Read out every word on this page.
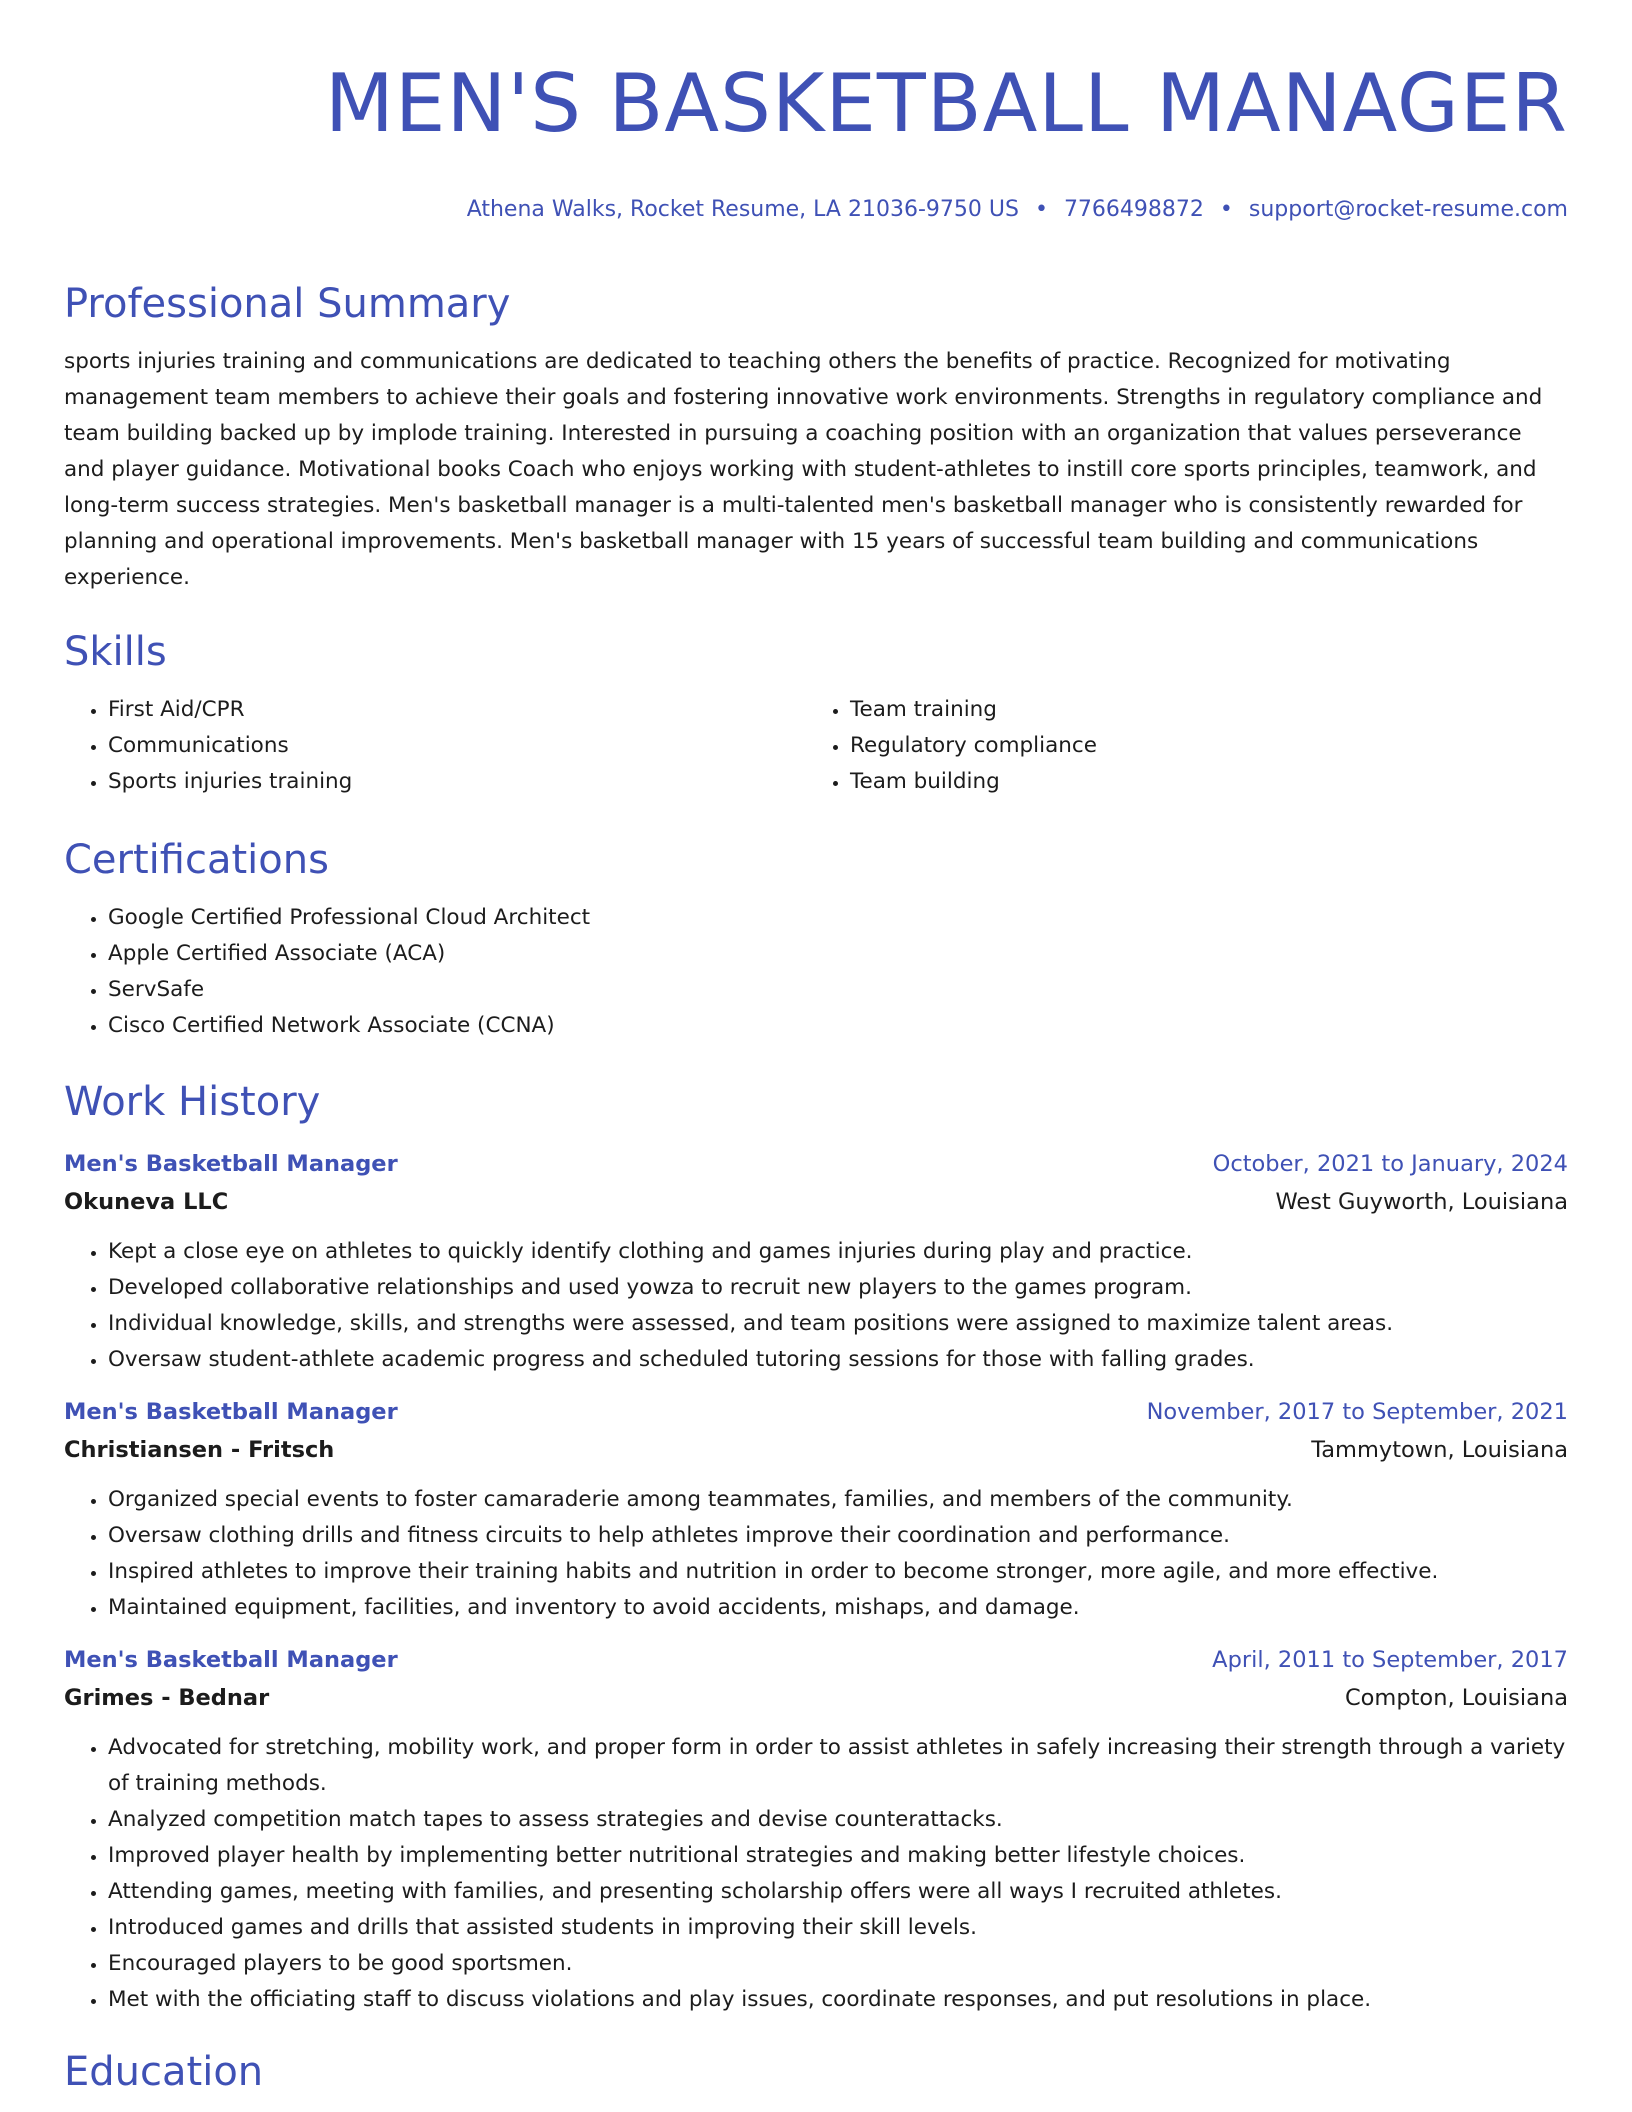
MEN'S BASKETBALL MANAGER
Athena Walks, Rocket Resume, LA 21036-9750 US • 7766498872 • support@rocket-resume.com
Professional Summary

sports injuries training and communications are dedicated to teaching others the benefits of practice. Recognized for motivating management team members to achieve their goals and fostering innovative work environments. Strengths in regulatory compliance and team building backed up by implode training. Interested in pursuing a coaching position with an organization that values perseverance and player guidance. Motivational books Coach who enjoys working with student-athletes to instill core sports principles, teamwork, and long-term success strategies. Men's basketball manager is a multi-talented men's basketball manager who is consistently rewarded for planning and operational improvements. Men's basketball manager with 15 years of successful team building and communications experience.

Skills
• First Aid/CPR
• Communications
• Sports injuries training
• Team training
• Regulatory compliance
• Team building
Certifications
• Google Certified Professional Cloud Architect
• Apple Certified Associate (ACA)
• ServSafe
• Cisco Certified Network Associate (CCNA)
Work History
Men's Basketball Manager	October, 2021 to January, 2024
Okuneva LLC	West Guyworth, Louisiana
• Kept a close eye on athletes to quickly identify clothing and games injuries during play and practice.
• Developed collaborative relationships and used yowza to recruit new players to the games program.
• Individual knowledge, skills, and strengths were assessed, and team positions were assigned to maximize talent areas.
• Oversaw student-athlete academic progress and scheduled tutoring sessions for those with falling grades.
Men's Basketball Manager	November, 2017 to September, 2021
Christiansen - Fritsch	Tammytown, Louisiana
• Organized special events to foster camaraderie among teammates, families, and members of the community.
• Oversaw clothing drills and fitness circuits to help athletes improve their coordination and performance.
• Inspired athletes to improve their training habits and nutrition in order to become stronger, more agile, and more effective.
• Maintained equipment, facilities, and inventory to avoid accidents, mishaps, and damage.
Men's Basketball Manager	April, 2011 to September, 2017
Grimes - Bednar	Compton, Louisiana
• Advocated for stretching, mobility work, and proper form in order to assist athletes in safely increasing their strength through a variety of training methods.
• Analyzed competition match tapes to assess strategies and devise counterattacks.
• Improved player health by implementing better nutritional strategies and making better lifestyle choices.
• Attending games, meeting with families, and presenting scholarship offers were all ways I recruited athletes.
• Introduced games and drills that assisted students in improving their skill levels.
• Encouraged players to be good sportsmen.
• Met with the officiating staff to discuss violations and play issues, coordinate responses, and put resolutions in place.
Education
